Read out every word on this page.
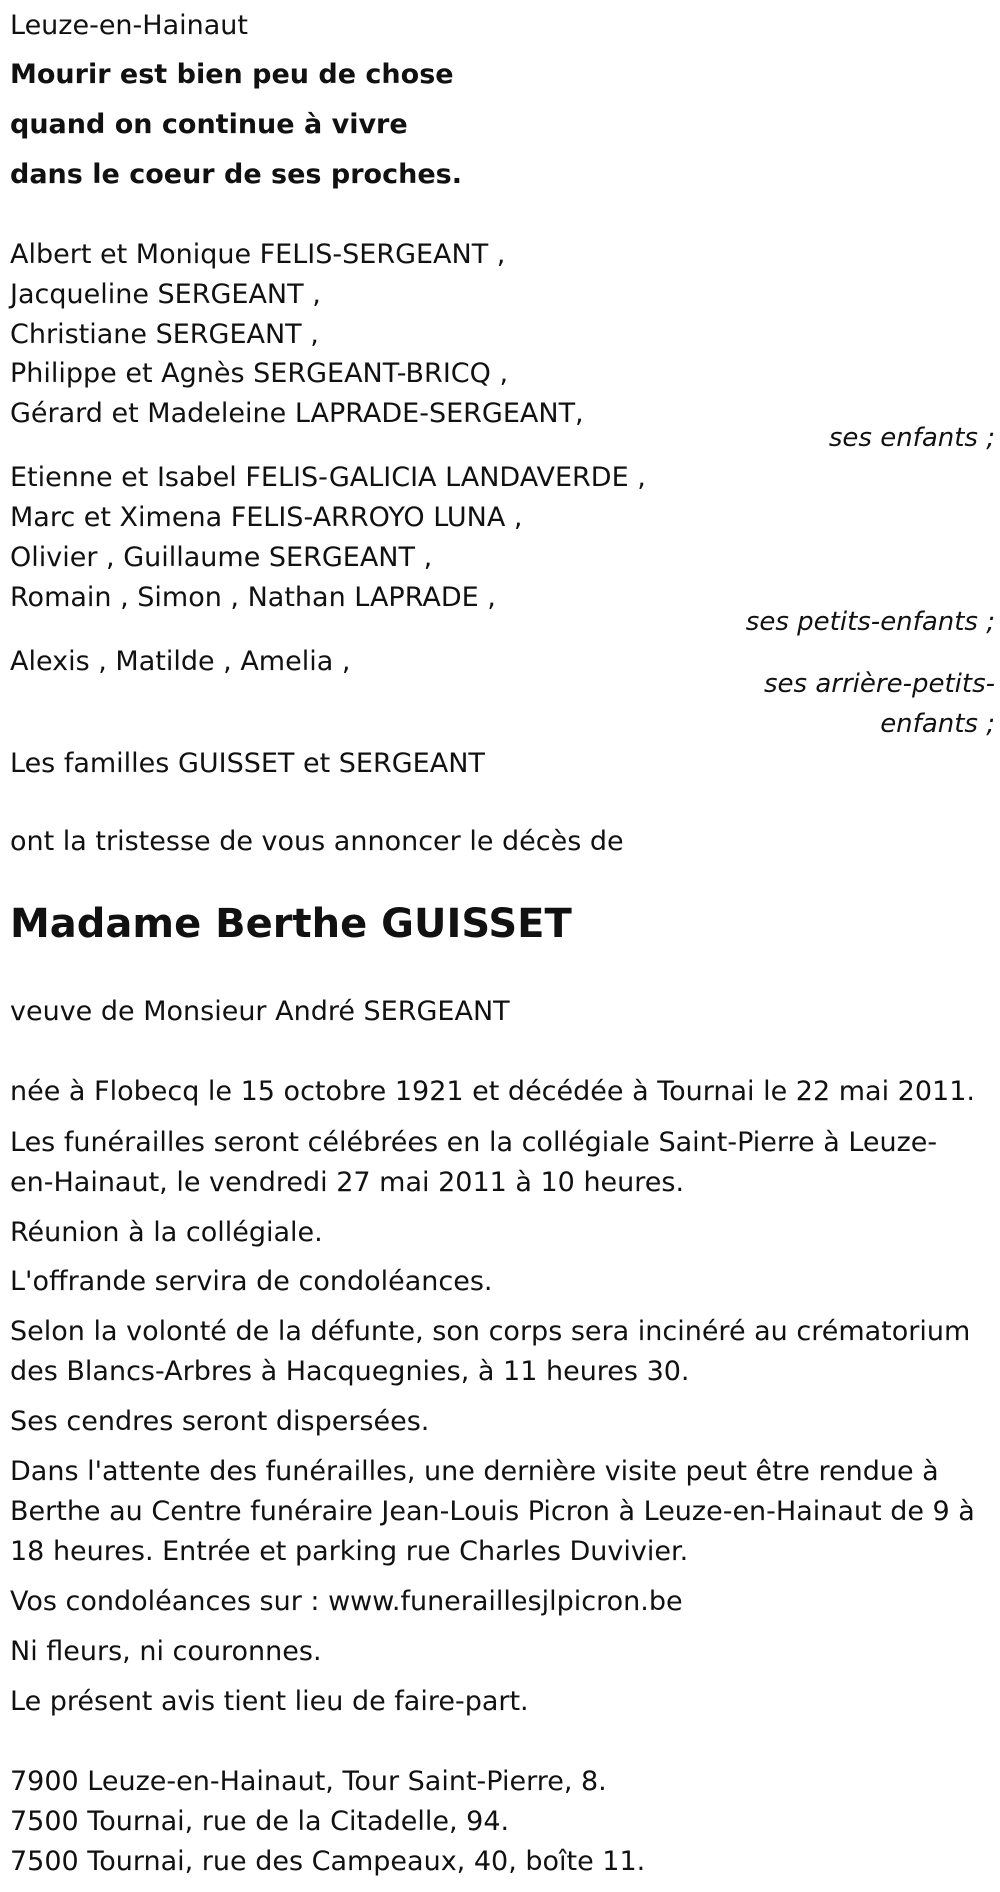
Leuze-en-Hainaut
Mourir est bien peu de chose
quand on continue à vivre
dans le coeur de ses proches.
Albert et Monique FELIS-SERGEANT ,
Jacqueline SERGEANT ,
Christiane SERGEANT ,
Philippe et Agnès SERGEANT-BRICQ ,
Gérard et Madeleine LAPRADE-SERGEANT,
ses enfants ;
Etienne et Isabel FELIS-GALICIA LANDAVERDE ,
Marc et Ximena FELIS-ARROYO LUNA ,
Olivier , Guillaume SERGEANT ,
Romain , Simon , Nathan LAPRADE ,
ses petits-enfants ;
Alexis , Matilde , Amelia ,
ses arrière-petits-
enfants ;
Les familles GUISSET et SERGEANT
ont la tristesse de vous annoncer le décès de
Madame Berthe GUISSET
veuve de Monsieur André SERGEANT
née à Flobecq le 15 octobre 1921 et décédée à Tournai le 22 mai 2011.
Les funérailles seront célébrées en la collégiale Saint-Pierre à Leuze-
en-Hainaut, le vendredi 27 mai 2011 à 10 heures.
Réunion à la collégiale.
L'offrande servira de condoléances.
Selon la volonté de la défunte, son corps sera incinéré au crématorium
des Blancs-Arbres à Hacquegnies, à 11 heures 30.
Ses cendres seront dispersées.
Dans l'attente des funérailles, une dernière visite peut être rendue à
Berthe au Centre funéraire Jean-Louis Picron à Leuze-en-Hainaut de 9 à
18 heures. Entrée et parking rue Charles Duvivier.
Vos condoléances sur : www.funeraillesjlpicron.be
Ni fleurs, ni couronnes.
Le présent avis tient lieu de faire-part.
7900 Leuze-en-Hainaut, Tour Saint-Pierre, 8.
7500 Tournai, rue de la Citadelle, 94.
7500 Tournai, rue des Campeaux, 40, boîte 11.
